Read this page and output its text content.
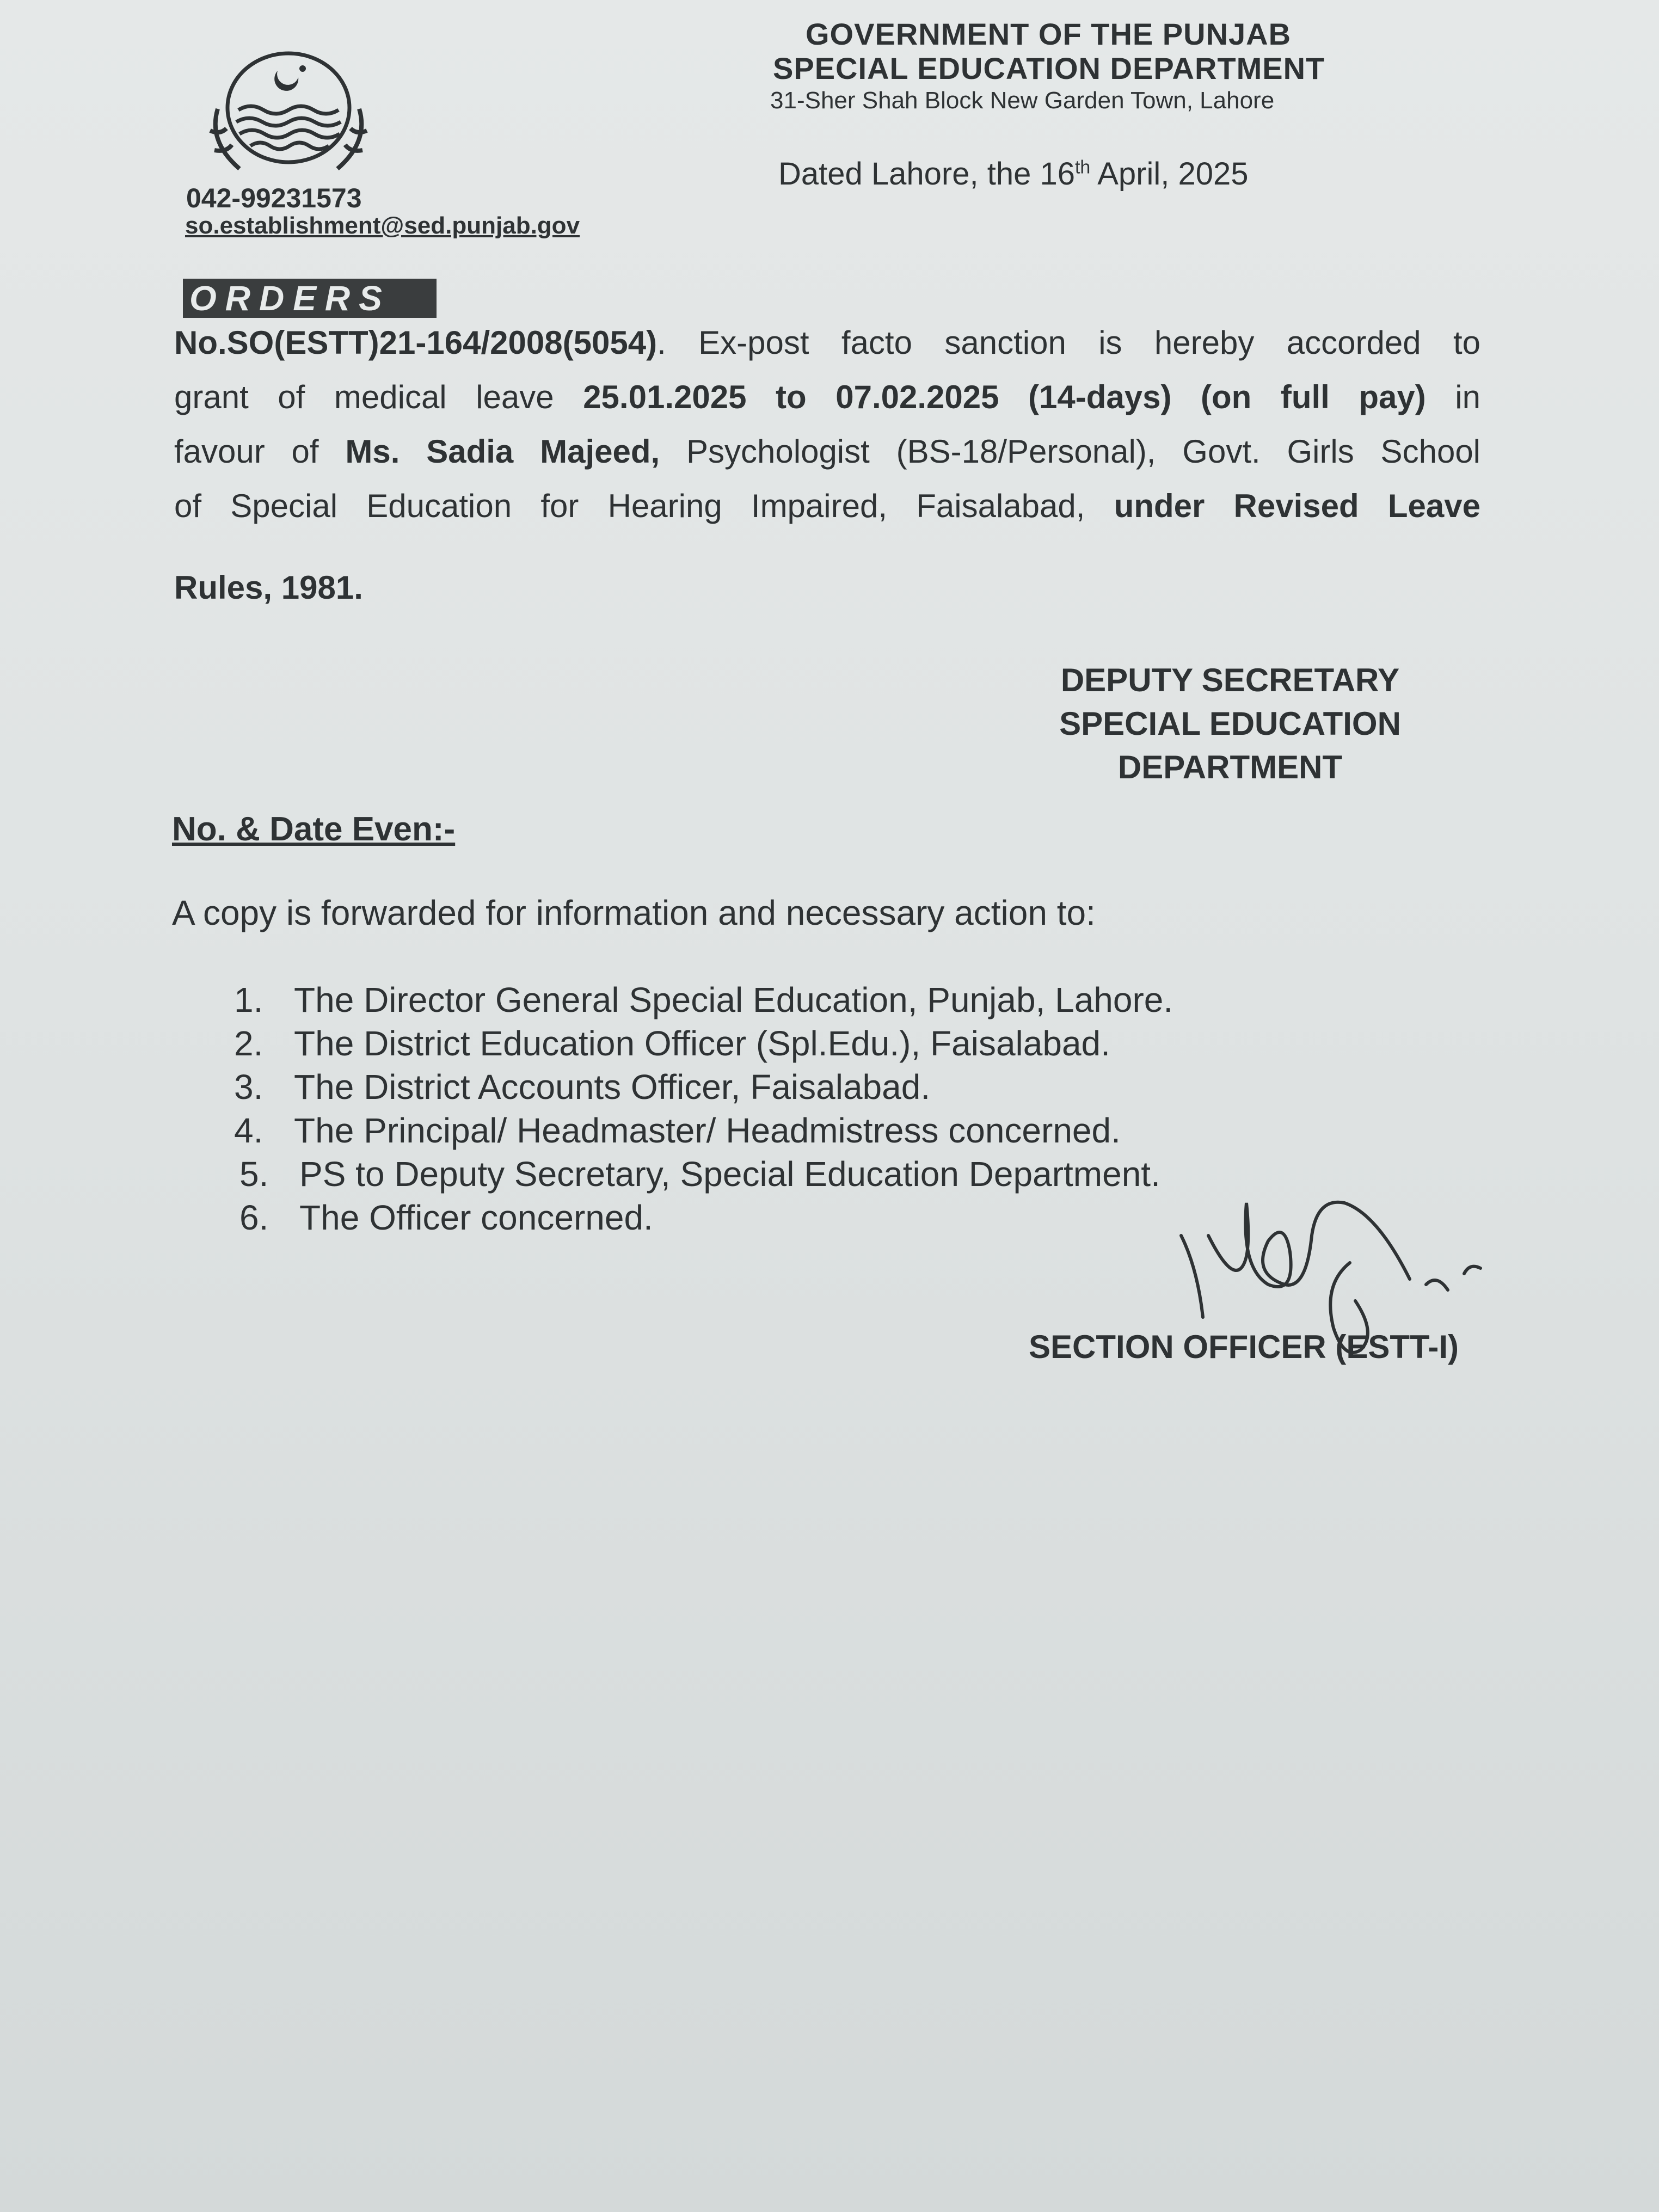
GOVERNMENT OF THE PUNJAB
SPECIAL EDUCATION DEPARTMENT
31-Sher Shah Block New Garden Town, Lahore
Dated Lahore, the 16th April, 2025
042-99231573
so.establishment@sed.punjab.gov
ORDERS
No.SO(ESTT)21-164/2008(5054). Ex-post facto sanction is hereby accorded to
grant of medical leave 25.01.2025 to 07.02.2025 (14-days) (on full pay) in
favour of Ms. Sadia Majeed, Psychologist (BS-18/Personal), Govt. Girls School
of Special Education for Hearing Impaired, Faisalabad, under Revised Leave
Rules, 1981.
DEPUTY SECRETARY
SPECIAL EDUCATION
DEPARTMENT
No. & Date Even:-
A copy is forwarded for information and necessary action to:
1. The Director General Special Education, Punjab, Lahore.
2. The District Education Officer (Spl.Edu.), Faisalabad.
3. The District Accounts Officer, Faisalabad.
4. The Principal/ Headmaster/ Headmistress concerned.
5. PS to Deputy Secretary, Special Education Department.
6. The Officer concerned.
SECTION OFFICER (ESTT-I)
